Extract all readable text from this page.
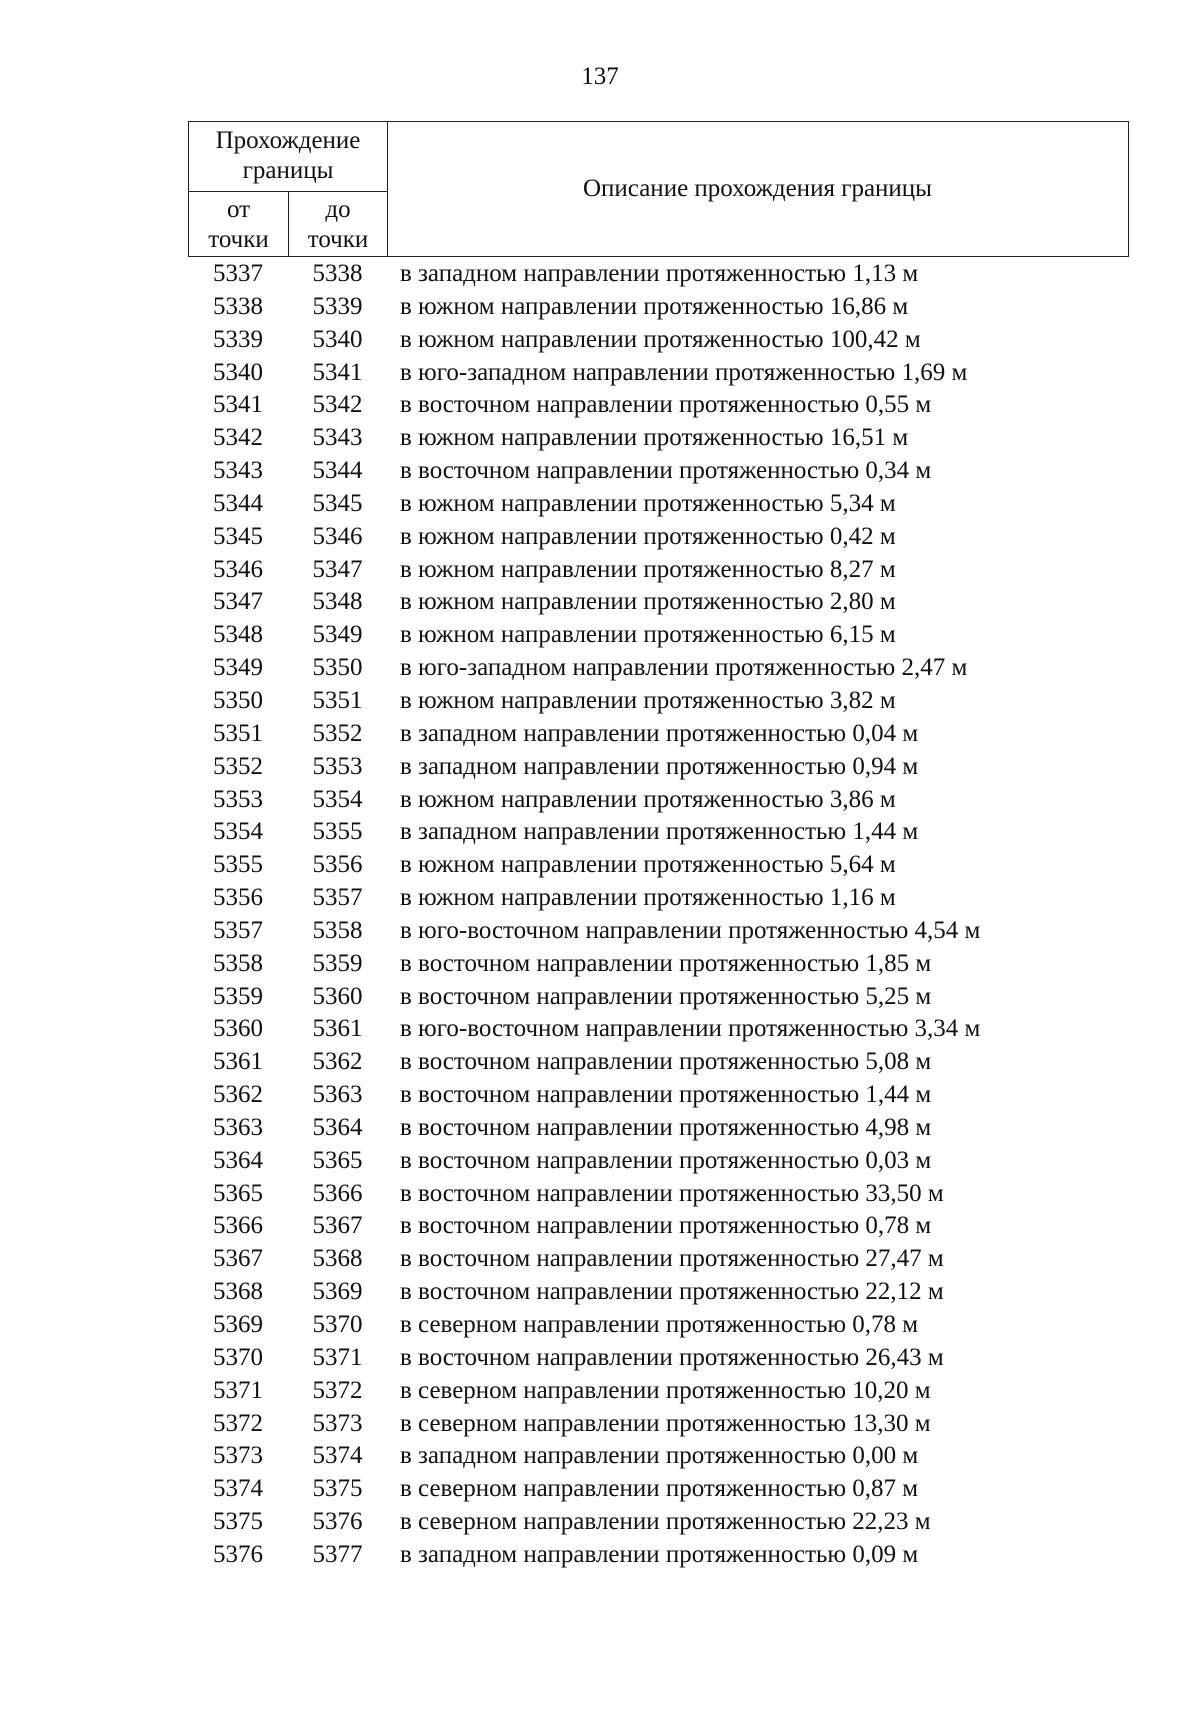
137
Прохождение
границы
от
точки
до
точки
Описание прохождения границы
5337	5338	в западном направлении протяженностью 1,13 м
5338	5339	в южном направлении протяженностью 16,86 м
5339	5340	в южном направлении протяженностью 100,42 м
5340	5341	в юго-западном направлении протяженностью 1,69 м
5341	5342	в восточном направлении протяженностью 0,55 м
5342	5343	в южном направлении протяженностью 16,51 м
5343	5344	в восточном направлении протяженностью 0,34 м
5344	5345	в южном направлении протяженностью 5,34 м
5345	5346	в южном направлении протяженностью 0,42 м
5346	5347	в южном направлении протяженностью 8,27 м
5347	5348	в южном направлении протяженностью 2,80 м
5348	5349	в южном направлении протяженностью 6,15 м
5349	5350	в юго-западном направлении протяженностью 2,47 м
5350	5351	в южном направлении протяженностью 3,82 м
5351	5352	в западном направлении протяженностью 0,04 м
5352	5353	в западном направлении протяженностью 0,94 м
5353	5354	в южном направлении протяженностью 3,86 м
5354	5355	в западном направлении протяженностью 1,44 м
5355	5356	в южном направлении протяженностью 5,64 м
5356	5357	в южном направлении протяженностью 1,16 м
5357	5358	в юго-восточном направлении протяженностью 4,54 м
5358	5359	в восточном направлении протяженностью 1,85 м
5359	5360	в восточном направлении протяженностью 5,25 м
5360	5361	в юго-восточном направлении протяженностью 3,34 м
5361	5362	в восточном направлении протяженностью 5,08 м
5362	5363	в восточном направлении протяженностью 1,44 м
5363	5364	в восточном направлении протяженностью 4,98 м
5364	5365	в восточном направлении протяженностью 0,03 м
5365	5366	в восточном направлении протяженностью 33,50 м
5366	5367	в восточном направлении протяженностью 0,78 м
5367	5368	в восточном направлении протяженностью 27,47 м
5368	5369	в восточном направлении протяженностью 22,12 м
5369	5370	в северном направлении протяженностью 0,78 м
5370	5371	в восточном направлении протяженностью 26,43 м
5371	5372	в северном направлении протяженностью 10,20 м
5372	5373	в северном направлении протяженностью 13,30 м
5373	5374	в западном направлении протяженностью 0,00 м
5374	5375	в северном направлении протяженностью 0,87 м
5375	5376	в северном направлении протяженностью 22,23 м
5376	5377	в западном направлении протяженностью 0,09 м
